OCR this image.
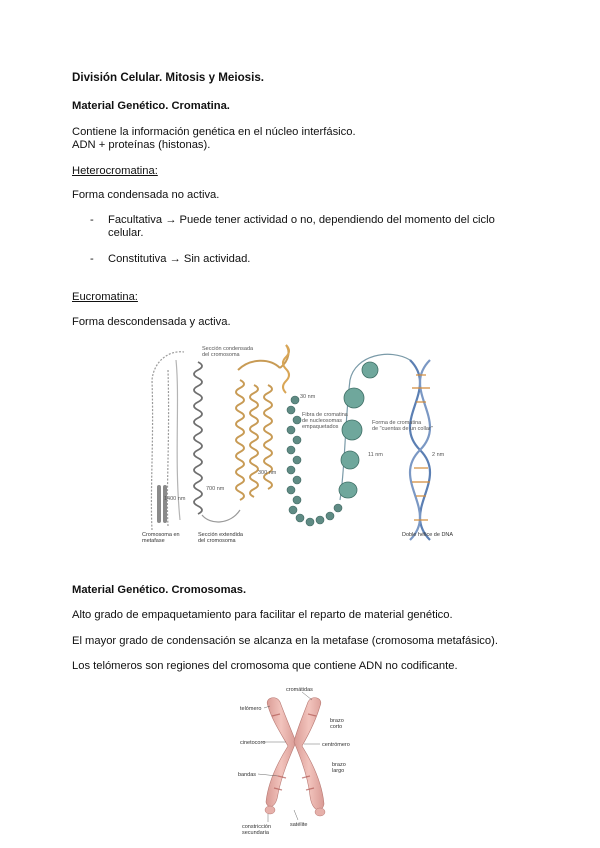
División Celular. Mitosis y Meiosis.
Material Genético. Cromatina.
Contiene la información genética en el núcleo interfásico.
ADN + proteínas (histonas).
Heterocromatina:
Forma condensada no activa.
- Facultativa → Puede tener actividad o no, dependiendo del momento del ciclo
celular.
- Constitutiva → Sin actividad.
Eucromatina:
Forma descondensada y activa.
Sección condensada
del cromosoma
Fibra de cromatina
de nucleosomas
empaquetados
Forma de cromatina
de "cuentas de un collar"
30 nm
11 nm	2 nm
300 nm
700 nm
1400 nm
Cromosoma en
metafase
Sección extendida
del cromosoma
Doble hélice de DNA
Material Genético. Cromosomas.
Alto grado de empaquetamiento para facilitar el reparto de material genético.
El mayor grado de condensación se alcanza en la metafase (cromosoma metafásico).
Los telómeros son regiones del cromosoma que contiene ADN no codificante.
cromátidas
telómero
brazo
corto
centrómero
cinetocoro
brazo
largo
bandas
constricción
secundaria
satélite
